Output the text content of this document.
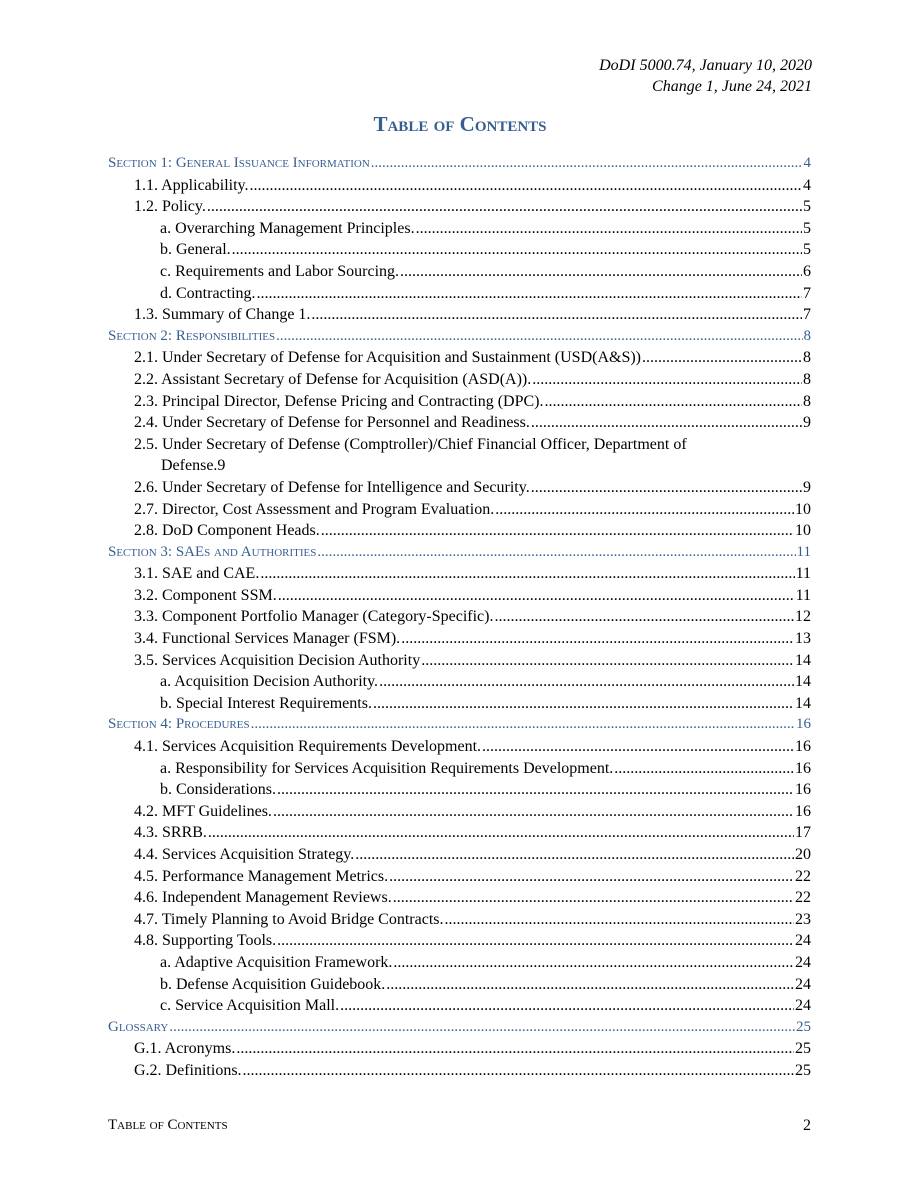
DoDI 5000.74, January 10, 2020
Change 1, June 24, 2021
Table of Contents
Section 1: General Issuance Information .....	4
1.1. Applicability. .....	4
1.2. Policy. .....	5
a. Overarching Management Principles. .....	5
b. General. .....	5
c. Requirements and Labor Sourcing. .....	6
d. Contracting. .....	7
1.3. Summary of Change 1. .....	7
Section 2: Responsibilities .....	8
2.1. Under Secretary of Defense for Acquisition and Sustainment (USD(A&S)) .....	8
2.2. Assistant Secretary of Defense for Acquisition (ASD(A)). .....	8
2.3. Principal Director, Defense Pricing and Contracting (DPC). .....	8
2.4. Under Secretary of Defense for Personnel and Readiness. .....	9
2.5. Under Secretary of Defense (Comptroller)/Chief Financial Officer, Department of
Defense. 9
2.6. Under Secretary of Defense for Intelligence and Security. .....	9
2.7. Director, Cost Assessment and Program Evaluation. .....	10
2.8. DoD Component Heads. .....	10
Section 3: SAEs and Authorities .....	11
3.1. SAE and CAE. .....	11
3.2. Component SSM. .....	11
3.3. Component Portfolio Manager (Category-Specific). .....	12
3.4. Functional Services Manager (FSM). .....	13
3.5. Services Acquisition Decision Authority .....	14
a. Acquisition Decision Authority. .....	14
b. Special Interest Requirements. .....	14
Section 4: Procedures .....	16
4.1. Services Acquisition Requirements Development. .....	16
a. Responsibility for Services Acquisition Requirements Development. .....	16
b. Considerations. .....	16
4.2. MFT Guidelines. .....	16
4.3. SRRB. .....	17
4.4. Services Acquisition Strategy. .....	20
4.5. Performance Management Metrics. .....	22
4.6. Independent Management Reviews. .....	22
4.7. Timely Planning to Avoid Bridge Contracts. .....	23
4.8. Supporting Tools. .....	24
a. Adaptive Acquisition Framework. .....	24
b. Defense Acquisition Guidebook. .....	24
c. Service Acquisition Mall. .....	24
Glossary .....	25
G.1. Acronyms. .....	25
G.2. Definitions. .....	25
Table of Contents	2
